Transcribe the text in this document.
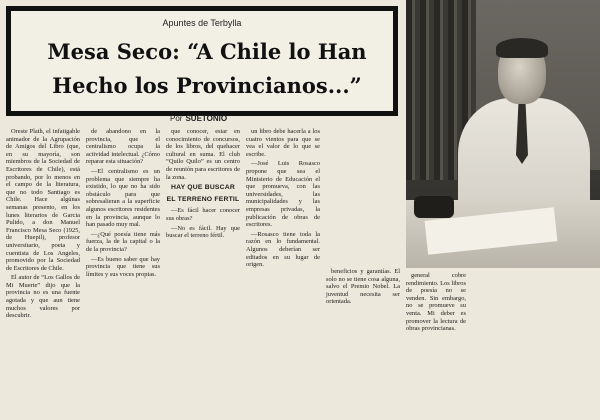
Apuntes de Terbylla
Mesa Seco: “A Chile lo Han
Hecho los Provincianos...”
Por SUETONIO

Oreste Plath, el infatigable animador de la Agrupación de Amigos del Libro (que, en su mayoría, son miembros de la Sociedad de Escritores de Chile), está probando, por lo menos en el campo de la literatura, que no todo Santiago es Chile. Hace algúnas semanas presento, en los lunes literarios de Garcia Pulido, a don Manuel Francisco Mesa Seco (1925, de Huepil), profesor universitario, poeta y cuentista de Los Angeles, promovido por la Sociedad de Escritores de Chile.

El autor de “Los Gallos de Mi Muerte” dijo que la provincia no es una fuente agotada y que aun tiene muchos valores por descubrir.

de abandono en la provincia, que el centralismo ocupa la actividad intelectual. ¿Cómo reparar esta situación?

—El centralismo es un problema que siempre ha existido, lo que no ha sido obstáculo para que sobresalieran a la superficie algunos escritores residentes en la provincia, aunque lo han pasado muy mal.

—¿Qué poesía tiene más fuerza, la de la capital o la de la provincia?

—Es bueno saber que hay provincia que tiene sus límites y sus voces propias.

que conocer, estar en conocimiento de concursos, de los libros, del quehacer cultural en suma. El club “Quilo Quilo” es un centro de reunión para escritores de la zona.

HAY QUE BUSCAR
EL TERRENO FERTIL

—Es fácil hacer conocer sus obras?

—No es fácil. Hay que buscar el terreno fértil.

un libro debe hacerla a los cuatro vientos para que se vea el valor de lo que se escribe.

—José Luis Rosasco propone que sea el Ministerio de Educación el que promueva, con las universidades, las municipalidades y las empresas privadas, la publicación de obras de escritores.

—Rosasco tiene toda la razón en lo fundamental. Algunos deberían ser editados en su lugar de origen.

beneficios y garantías. El solo no se tiene cosa alguna, salvo el Premio Nobel. La juventud necesita ser orientada.

general cobre rendimiento. Los libros de poesía no se venden. Sin embargo, no se promueve su venta. Mi deber es promover la lectura de obras provincianas.
